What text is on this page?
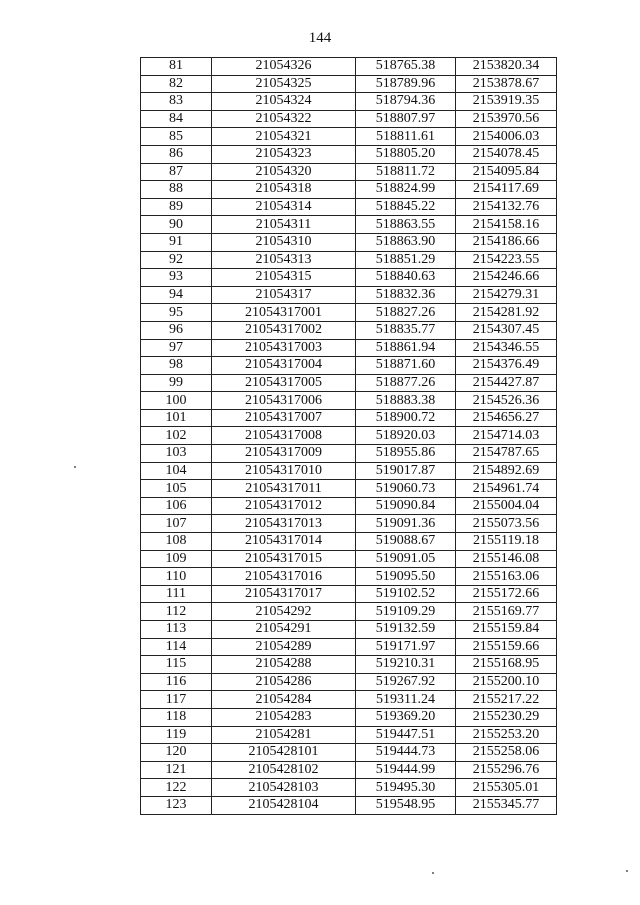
144
81	21054326	518765.38	2153820.34
82	21054325	518789.96	2153878.67
83	21054324	518794.36	2153919.35
84	21054322	518807.97	2153970.56
85	21054321	518811.61	2154006.03
86	21054323	518805.20	2154078.45
87	21054320	518811.72	2154095.84
88	21054318	518824.99	2154117.69
89	21054314	518845.22	2154132.76
90	21054311	518863.55	2154158.16
91	21054310	518863.90	2154186.66
92	21054313	518851.29	2154223.55
93	21054315	518840.63	2154246.66
94	21054317	518832.36	2154279.31
95	21054317001	518827.26	2154281.92
96	21054317002	518835.77	2154307.45
97	21054317003	518861.94	2154346.55
98	21054317004	518871.60	2154376.49
99	21054317005	518877.26	2154427.87
100	21054317006	518883.38	2154526.36
101	21054317007	518900.72	2154656.27
102	21054317008	518920.03	2154714.03
103	21054317009	518955.86	2154787.65
104	21054317010	519017.87	2154892.69
105	21054317011	519060.73	2154961.74
106	21054317012	519090.84	2155004.04
107	21054317013	519091.36	2155073.56
108	21054317014	519088.67	2155119.18
109	21054317015	519091.05	2155146.08
110	21054317016	519095.50	2155163.06
111	21054317017	519102.52	2155172.66
112	21054292	519109.29	2155169.77
113	21054291	519132.59	2155159.84
114	21054289	519171.97	2155159.66
115	21054288	519210.31	2155168.95
116	21054286	519267.92	2155200.10
117	21054284	519311.24	2155217.22
118	21054283	519369.20	2155230.29
119	21054281	519447.51	2155253.20
120	2105428101	519444.73	2155258.06
121	2105428102	519444.99	2155296.76
122	2105428103	519495.30	2155305.01
123	2105428104	519548.95	2155345.77
